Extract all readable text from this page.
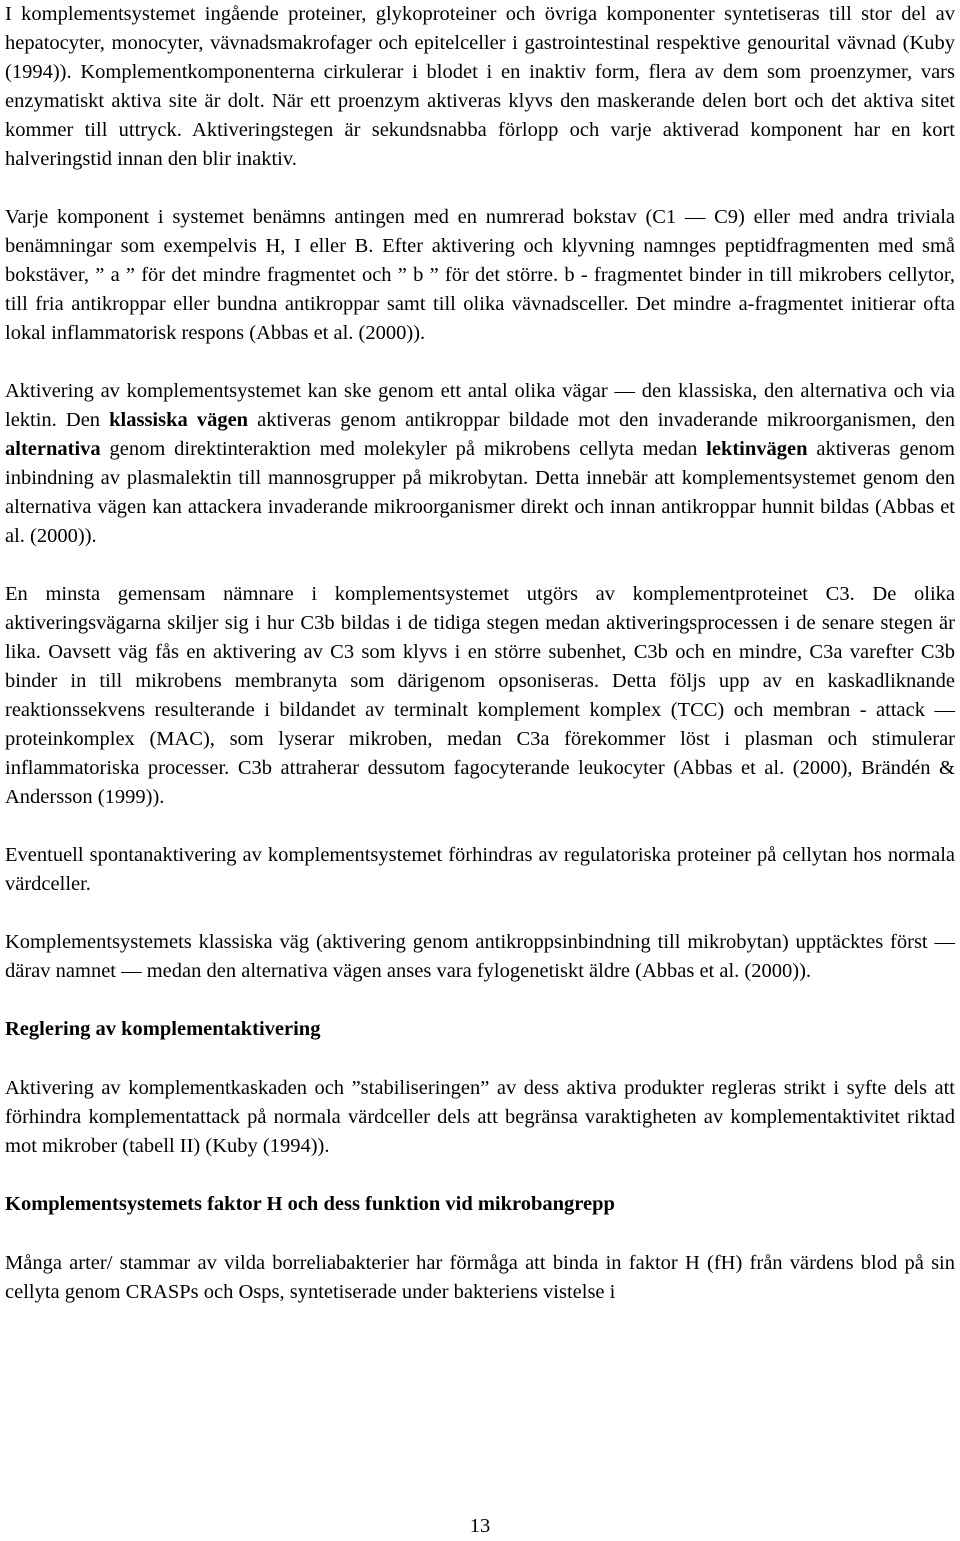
I komplementsystemet ingående proteiner, glykoproteiner och övriga komponenter syntetiseras till stor del av hepatocyter, monocyter, vävnadsmakrofager och epitelceller i gastrointestinal respektive genourital vävnad (Kuby (1994)). Komplementkomponenterna cirkulerar i blodet i en inaktiv form, flera av dem som proenzymer, vars enzymatiskt aktiva site är dolt. När ett proenzym aktiveras klyvs den maskerande delen bort och det aktiva sitet kommer till uttryck. Aktiveringstegen är sekundsnabba förlopp och varje aktiverad komponent har en kort halveringstid innan den blir inaktiv.

Varje komponent i systemet benämns antingen med en numrerad bokstav (C1 — C9) eller med andra triviala benämningar som exempelvis H, I eller B. Efter aktivering och klyvning namnges peptidfragmenten med små bokstäver, ” a ” för det mindre fragmentet och ” b ” för det större. b - fragmentet binder in till mikrobers cellytor, till fria antikroppar eller bundna antikroppar samt till olika vävnadsceller. Det mindre a-fragmentet initierar ofta lokal inflammatorisk respons (Abbas et al. (2000)).

Aktivering av komplementsystemet kan ske genom ett antal olika vägar — den klassiska, den alternativa och via lektin. Den klassiska vägen aktiveras genom antikroppar bildade mot den invaderande mikroorganismen, den alternativa genom direktinteraktion med molekyler på mikrobens cellyta medan lektinvägen aktiveras genom inbindning av plasmalektin till mannosgrupper på mikrobytan. Detta innebär att komplementsystemet genom den alternativa vägen kan attackera invaderande mikroorganismer direkt och innan antikroppar hunnit bildas (Abbas et al. (2000)).

En minsta gemensam nämnare i komplementsystemet utgörs av komplementproteinet C3. De olika aktiveringsvägarna skiljer sig i hur C3b bildas i de tidiga stegen medan aktiveringsprocessen i de senare stegen är lika. Oavsett väg fås en aktivering av C3 som klyvs i en större subenhet, C3b och en mindre, C3a varefter C3b binder in till mikrobens membranyta som därigenom opsoniseras. Detta följs upp av en kaskadliknande reaktionssekvens resulterande i bildandet av terminalt komplement komplex (TCC) och membran - attack — proteinkomplex (MAC), som lyserar mikroben, medan C3a förekommer löst i plasman och stimulerar inflammatoriska processer. C3b attraherar dessutom fagocyterande leukocyter (Abbas et al. (2000), Brändén & Andersson (1999)).

Eventuell spontanaktivering av komplementsystemet förhindras av regulatoriska proteiner på cellytan hos normala värdceller.

Komplementsystemets klassiska väg (aktivering genom antikroppsinbindning till mikrobytan) upptäcktes först — därav namnet — medan den alternativa vägen anses vara fylogenetiskt äldre (Abbas et al. (2000)).

Reglering av komplementaktivering

Aktivering av komplementkaskaden och ”stabiliseringen” av dess aktiva produkter regleras strikt i syfte dels att förhindra komplementattack på normala värdceller dels att begränsa varaktigheten av komplementaktivitet riktad mot mikrober (tabell II) (Kuby (1994)).

Komplementsystemets faktor H och dess funktion vid mikrobangrepp

Många arter/ stammar av vilda borreliabakterier har förmåga att binda in faktor H (fH) från värdens blod på sin cellyta genom CRASPs och Osps, syntetiserade under bakteriens vistelse i

13
